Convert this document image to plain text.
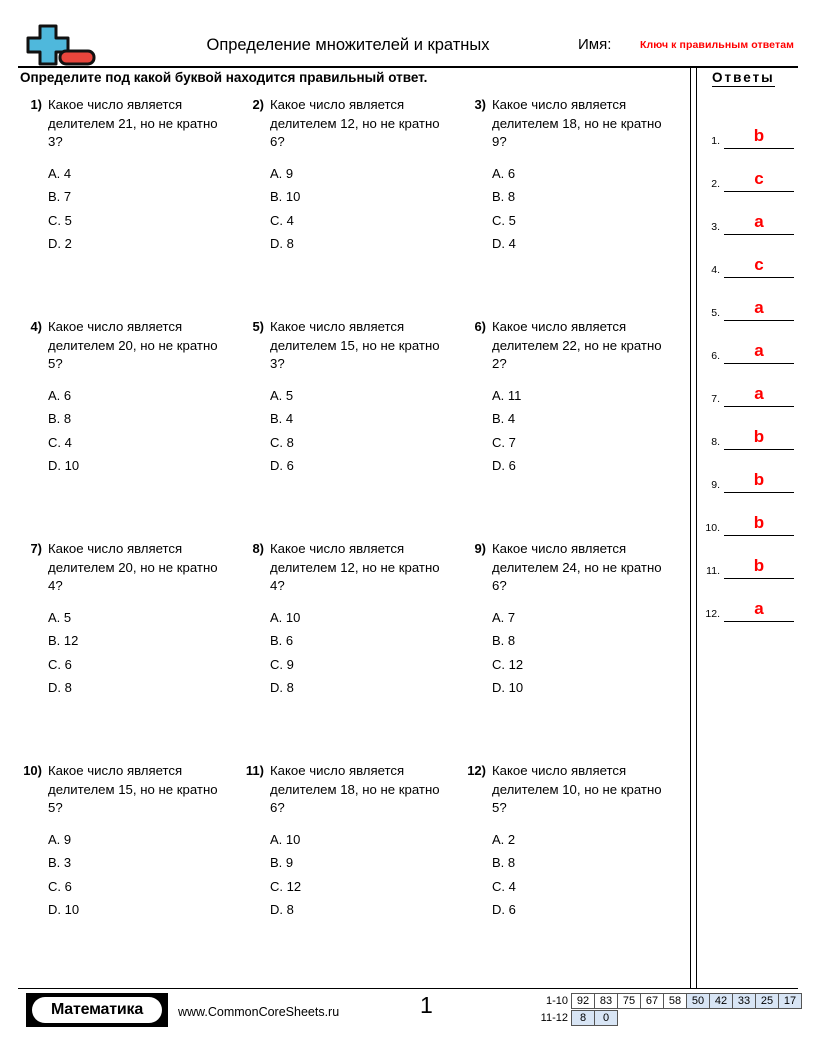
Определение множителей и кратных	Имя:	Ключ к правильным ответам
Определите под какой буквой находится правильный ответ.	Ответы
1.	b
2.	c
3.	a
4.	c
5.	a
6.	a
7.	a
8.	b
9.	b
10.	b
11.	b
12.	a
1) Какое число является делителем 21, но не кратно 3?
A. 4
B. 7
C. 5
D. 2
2) Какое число является делителем 12, но не кратно 6?
A. 9
B. 10
C. 4
D. 8
3) Какое число является делителем 18, но не кратно 9?
A. 6
B. 8
C. 5
D. 4
4) Какое число является делителем 20, но не кратно 5?
A. 6
B. 8
C. 4
D. 10
5) Какое число является делителем 15, но не кратно 3?
A. 5
B. 4
C. 8
D. 6
6) Какое число является делителем 22, но не кратно 2?
A. 11
B. 4
C. 7
D. 6
7) Какое число является делителем 20, но не кратно 4?
A. 5
B. 12
C. 6
D. 8
8) Какое число является делителем 12, но не кратно 4?
A. 10
B. 6
C. 9
D. 8
9) Какое число является делителем 24, но не кратно 6?
A. 7
B. 8
C. 12
D. 10
10) Какое число является делителем 15, но не кратно 5?
A. 9
B. 3
C. 6
D. 10
11) Какое число является делителем 18, но не кратно 6?
A. 10
B. 9
C. 12
D. 8
12) Какое число является делителем 10, но не кратно 5?
A. 2
B. 8
C. 4
D. 6
Математика	www.CommonCoreSheets.ru	1	1-10 92 83 75 67 58 50 42 33 25 17
11-12	8	0
